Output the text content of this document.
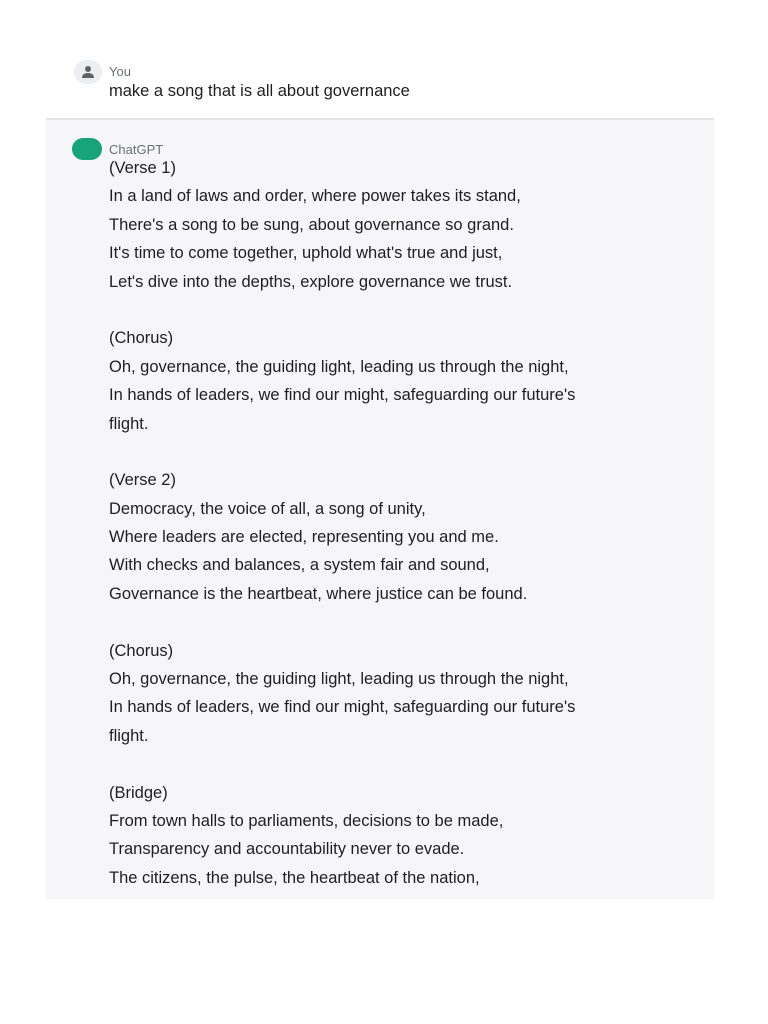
You
make a song that is all about governance
ChatGPT
(Verse 1)
In a land of laws and order, where power takes its stand,
There's a song to be sung, about governance so grand.
It's time to come together, uphold what's true and just,
Let's dive into the depths, explore governance we trust.
(Chorus)
Oh, governance, the guiding light, leading us through the night,
In hands of leaders, we find our might, safeguarding our future's
flight.
(Verse 2)
Democracy, the voice of all, a song of unity,
Where leaders are elected, representing you and me.
With checks and balances, a system fair and sound,
Governance is the heartbeat, where justice can be found.
(Chorus)
Oh, governance, the guiding light, leading us through the night,
In hands of leaders, we find our might, safeguarding our future's
flight.
(Bridge)
From town halls to parliaments, decisions to be made,
Transparency and accountability never to evade.
The citizens, the pulse, the heartbeat of the nation,
